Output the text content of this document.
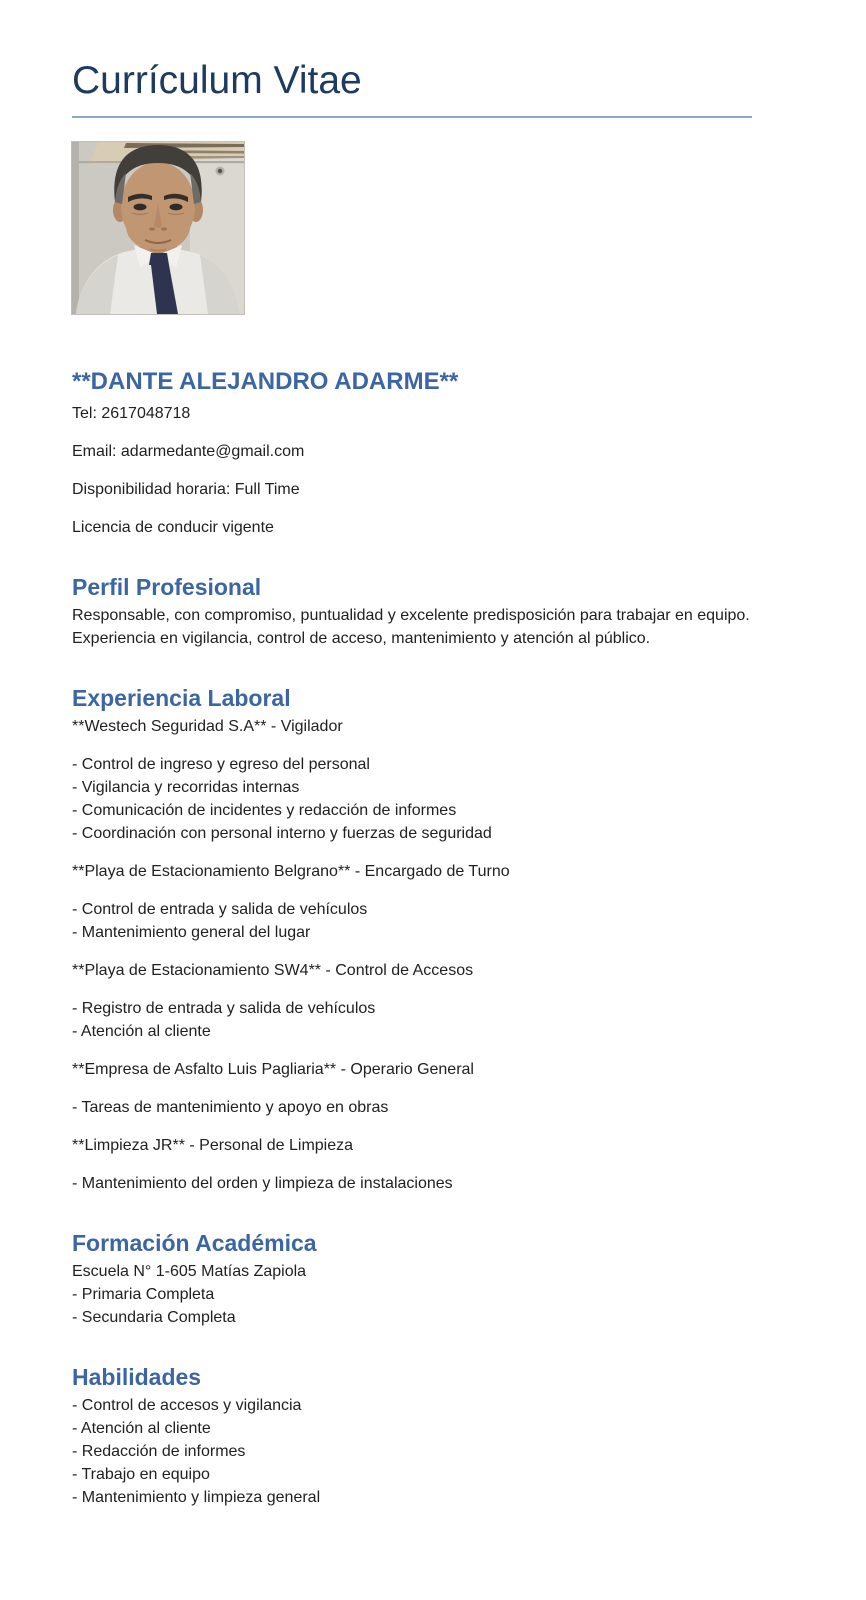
Currículum Vitae
**DANTE ALEJANDRO ADARME**

Tel: 2617048718

Email: adarmedante@gmail.com

Disponibilidad horaria: Full Time

Licencia de conducir vigente

Perfil Profesional
Responsable, con compromiso, puntualidad y excelente predisposición para trabajar en equipo. Experiencia en vigilancia, control de acceso, mantenimiento y atención al público.
Experiencia Laboral
**Westech Seguridad S.A** - Vigilador
- Control de ingreso y egreso del personal
- Vigilancia y recorridas internas
- Comunicación de incidentes y redacción de informes
- Coordinación con personal interno y fuerzas de seguridad
**Playa de Estacionamiento Belgrano** - Encargado de Turno
- Control de entrada y salida de vehículos
- Mantenimiento general del lugar
**Playa de Estacionamiento SW4** - Control de Accesos
- Registro de entrada y salida de vehículos
- Atención al cliente
**Empresa de Asfalto Luis Pagliaria** - Operario General
- Tareas de mantenimiento y apoyo en obras
**Limpieza JR** - Personal de Limpieza
- Mantenimiento del orden y limpieza de instalaciones
Formación Académica
Escuela N° 1-605 Matías Zapiola
- Primaria Completa
- Secundaria Completa
Habilidades
- Control de accesos y vigilancia
- Atención al cliente
- Redacción de informes
- Trabajo en equipo
- Mantenimiento y limpieza general
